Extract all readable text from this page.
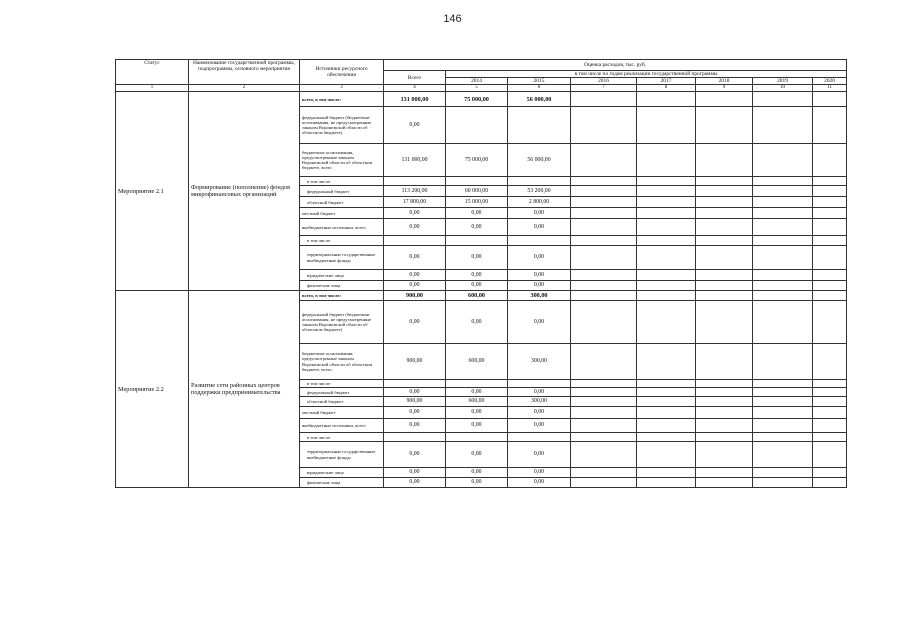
146
Статус	Наименование государственной программы, подпрограммы, основного мероприятия	Источники ресурсного обеспечения	Оценка расходов, тыс. руб.							
			Всего	в том числе по годам реализации государственной программы						
				2014	2015	2016	2017	2018	2019	2020
1	2	3	4	5	6	7	8	9	10	11
Мероприятие 2.1	Формирование (пополнение) фондов микрофинансовых организаций	всего, в том числе:	131 000,00	75 000,00	56 000,00					
		федеральный бюджет (бюджетные ассигнования, не предусмотренные законом Воронежской области об областном бюджете)	0,00							
		бюджетные ассигнования, предусмотренные законом Воронежской области об областном бюджете, всего	131 000,00	75 000,00	56 000,00					
		в том числе:								
		федеральный бюджет	113 200,00	60 000,00	53 200,00					
		областной бюджет	17 800,00	15 000,00	2 800,00					
		местный бюджет	0,00	0,00	0,00					
		внебюджетные источники, всего	0,00	0,00	0,00					
		в том числе:								
		территориальные государственные внебюджетные фонды	0,00	0,00	0,00					
		юридические лица	0,00	0,00	0,00					
		физические лица	0,00	0,00	0,00					
Мероприятие 2.2	Развитие сети районных центров поддержки предпринимательства	всего, в том числе:	900,00	600,00	300,00					
		федеральный бюджет (бюджетные ассигнования, не предусмотренные законом Воронежской области об областном бюджете)	0,00	0,00	0,00					
		бюджетные ассигнования, предусмотренные законом Воронежской области об областном бюджете, всего	900,00	600,00	300,00					
		в том числе:								
		федеральный бюджет	0,00	0,00	0,00					
		областной бюджет	900,00	600,00	300,00					
		местный бюджет	0,00	0,00	0,00					
		внебюджетные источники, всего	0,00	0,00	0,00					
		в том числе:								
		территориальные государственные внебюджетные фонды	0,00	0,00	0,00					
		юридические лица	0,00	0,00	0,00					
		физические лица	0,00	0,00	0,00					
